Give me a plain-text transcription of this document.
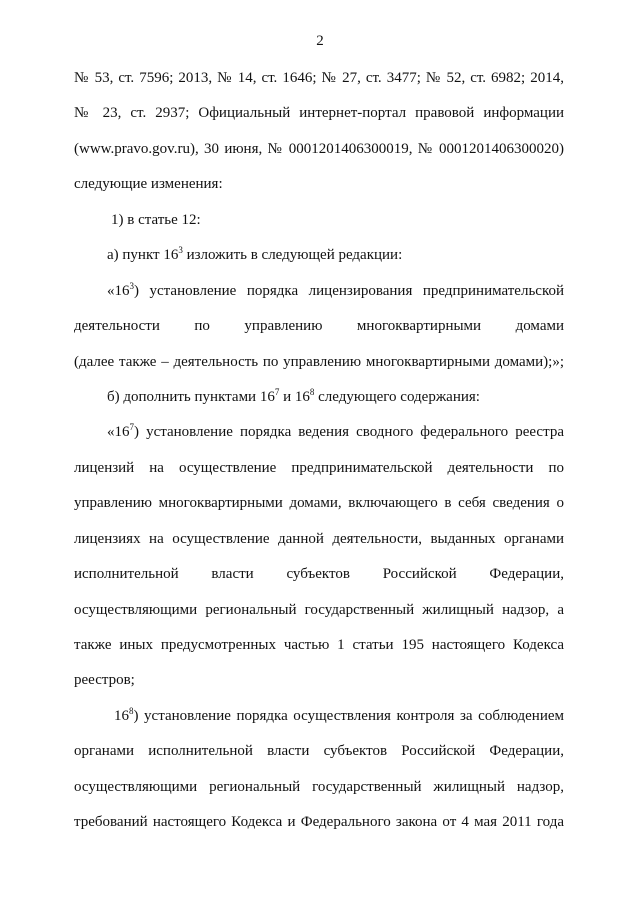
2
№ 53, ст. 7596; 2013, № 14, ст. 1646; № 27, ст. 3477; № 52, ст. 6982; 2014,
№ 23, ст. 2937; Официальный интернет-портал правовой информации
(www.pravo.gov.ru), 30 июня, № 0001201406300019, № 0001201406300020)
следующие изменения:
1) в статье 12:
а) пункт $16^3$ изложить в следующей редакции:
«$16^3$) установление порядка лицензирования предпринимательской
деятельности по управлению многоквартирными домами
(далее также – деятельность по управлению многоквартирными домами);»;
б) дополнить пунктами $16^7$ и $16^8$ следующего содержания:
«$16^7$) установление порядка ведения сводного федерального реестра
лицензий на осуществление предпринимательской деятельности по
управлению многоквартирными домами, включающего в себя сведения о
лицензиях на осуществление данной деятельности, выданных органами
исполнительной власти субъектов Российской Федерации,
осуществляющими региональный государственный жилищный надзор, а
также иных предусмотренных частью 1 статьи 195 настоящего Кодекса
реестров;
$16^8$) установление порядка осуществления контроля за соблюдением
органами исполнительной власти субъектов Российской Федерации,
осуществляющими региональный государственный жилищный надзор,
требований настоящего Кодекса и Федерального закона от 4 мая 2011 года
